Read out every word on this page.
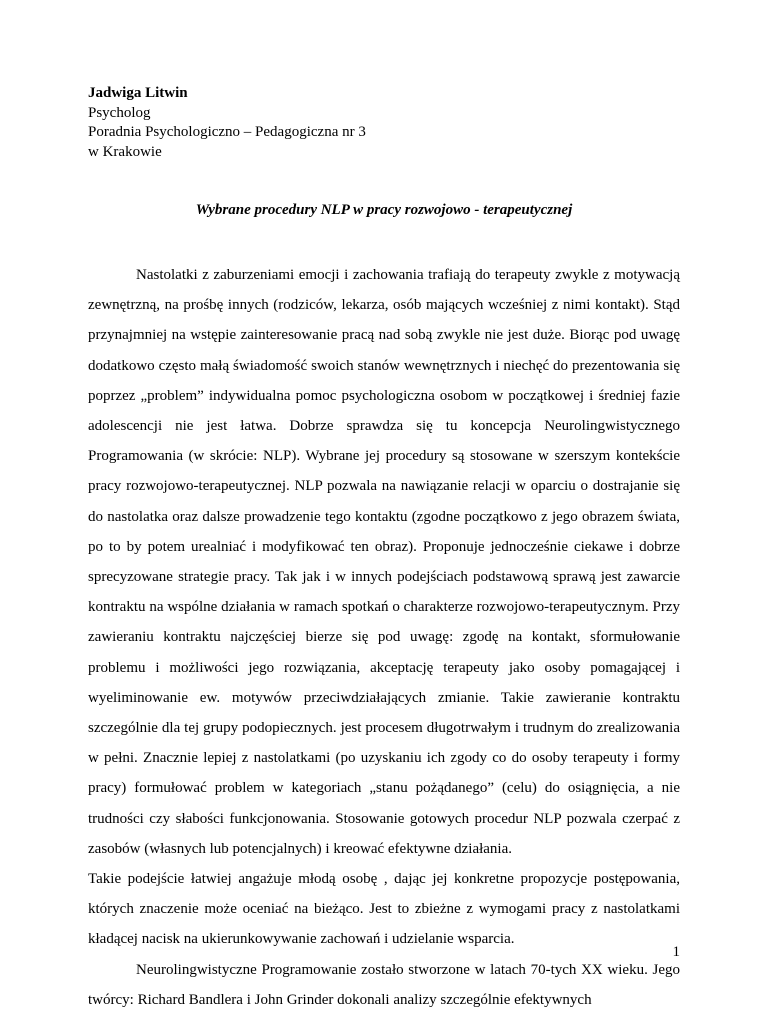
Jadwiga Litwin
Psycholog
Poradnia Psychologiczno – Pedagogiczna nr 3
w Krakowie
Wybrane procedury NLP w pracy rozwojowo - terapeutycznej

Nastolatki z zaburzeniami emocji i zachowania trafiają do terapeuty zwykle z motywacją zewnętrzną, na prośbę innych (rodziców, lekarza, osób mających wcześniej z nimi kontakt). Stąd przynajmniej na wstępie zainteresowanie pracą nad sobą zwykle nie jest duże. Biorąc pod uwagę dodatkowo często małą świadomość swoich stanów wewnętrznych i niechęć do prezentowania się poprzez „problem” indywidualna pomoc psychologiczna osobom w początkowej i średniej fazie adolescencji nie jest łatwa. Dobrze sprawdza się tu koncepcja Neurolingwistycznego Programowania (w skrócie: NLP). Wybrane jej procedury są stosowane w szerszym kontekście pracy rozwojowo-terapeutycznej. NLP pozwala na nawiązanie relacji w oparciu o dostrajanie się do nastolatka oraz dalsze prowadzenie tego kontaktu (zgodne początkowo z jego obrazem świata, po to by potem urealniać i modyfikować ten obraz). Proponuje jednocześnie ciekawe i dobrze sprecyzowane strategie pracy. Tak jak i w innych podejściach podstawową sprawą jest zawarcie kontraktu na wspólne działania w ramach spotkań o charakterze rozwojowo-terapeutycznym. Przy zawieraniu kontraktu najczęściej bierze się pod uwagę: zgodę na kontakt, sformułowanie problemu i możliwości jego rozwiązania, akceptację terapeuty jako osoby pomagającej i wyeliminowanie ew. motywów przeciwdziałających zmianie. Takie zawieranie kontraktu szczególnie dla tej grupy podopiecznych. jest procesem długotrwałym i trudnym do zrealizowania w pełni. Znacznie lepiej z nastolatkami (po uzyskaniu ich zgody co do osoby terapeuty i formy pracy) formułować problem w kategoriach „stanu pożądanego” (celu) do osiągnięcia, a nie trudności czy słabości funkcjonowania. Stosowanie gotowych procedur NLP pozwala czerpać z zasobów (własnych lub potencjalnych) i kreować efektywne działania.

Takie podejście łatwiej angażuje młodą osobę , dając jej konkretne propozycje postępowania, których znaczenie może oceniać na bieżąco. Jest to zbieżne z wymogami pracy z nastolatkami kładącej nacisk na ukierunkowywanie zachowań i udzielanie wsparcia.

Neurolingwistyczne Programowanie zostało stworzone w latach 70-tych XX wieku. Jego twórcy: Richard Bandlera i John Grinder dokonali analizy szczególnie efektywnych

1
